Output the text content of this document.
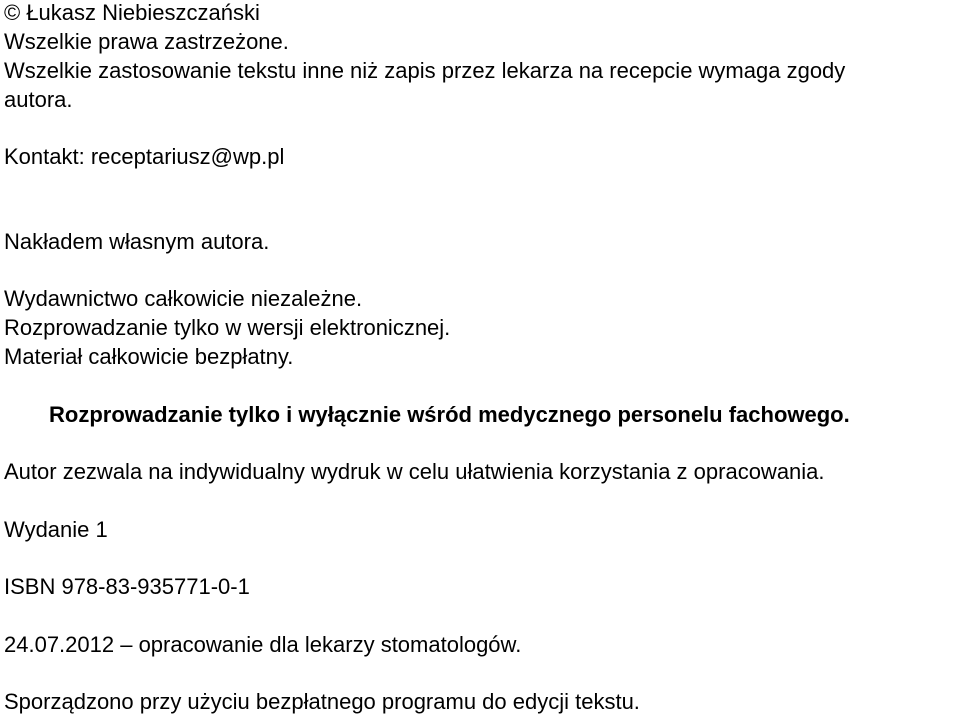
© Łukasz Niebieszczański
Wszelkie prawa zastrzeżone.
Wszelkie zastosowanie tekstu inne niż zapis przez lekarza na recepcie wymaga zgody
autora.
Kontakt: receptariusz@wp.pl
Nakładem własnym autora.
Wydawnictwo całkowicie niezależne.
Rozprowadzanie tylko w wersji elektronicznej.
Materiał całkowicie bezpłatny.
Rozprowadzanie tylko i wyłącznie wśród medycznego personelu fachowego.
Autor zezwala na indywidualny wydruk w celu ułatwienia korzystania z opracowania.
Wydanie 1
ISBN 978-83-935771-0-1
24.07.2012 – opracowanie dla lekarzy stomatologów.
Sporządzono przy użyciu bezpłatnego programu do edycji tekstu.
